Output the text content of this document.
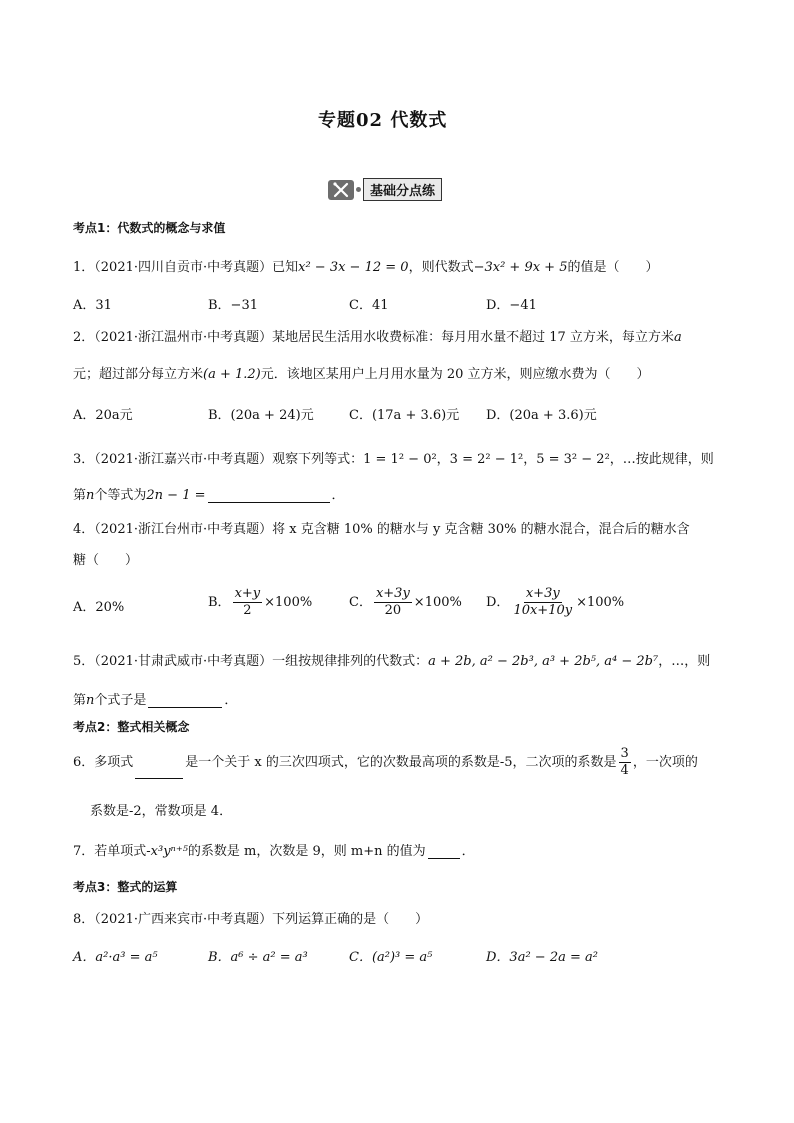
专题02 代数式
基础分点练
考点1：代数式的概念与求值
1．（2021·四川自贡市·中考真题）已知x² − 3x − 12 = 0，则代数式−3x² + 9x + 5的值是（　　）
A．31	B．−31	C．41	D．−41
2．（2021·浙江温州市·中考真题）某地居民生活用水收费标准：每月用水量不超过 17 立方米，每立方米a
元；超过部分每立方米(a + 1.2)元．该地区某用户上月用水量为 20 立方米，则应缴水费为（　　）
A．20a元	B．(20a + 24)元	C．(17a + 3.6)元 D．(20a + 3.6)元
3．（2021·浙江嘉兴市·中考真题）观察下列等式：1 = 1² − 0²，3 = 2² − 1²，5 = 3² − 2²，…按此规律，则
第n个等式为2n − 1 =	．
4．（2021·浙江台州市·中考真题）将 x 克含糖 10% 的糖水与 y 克含糖 30% 的糖水混合，混合后的糖水含
糖（　　）
A．20%	B． $\frac{x+y}{2} \times 100\%$	C． $\frac{x+3y}{20} \times 100\%$ D． $\frac{x+3y}{10x+10y} \times 100\%$
5．（2021·甘肃武威市·中考真题）一组按规律排列的代数式：a + 2b, a² − 2b³, a³ + 2b⁵, a⁴ − 2b⁷，…，则
第n个式子是	．
考点2：整式相关概念
6．多项式	是一个关于 x 的三次四项式，它的次数最高项的系数是-5，二次项的系数是 $\frac{3}{4}$ ，一次项的
系数是-2，常数项是 4．
7．若单项式-x³yⁿ⁺⁵的系数是 m，次数是 9，则 m+n 的值为	．
考点3：整式的运算
8．（2021·广西来宾市·中考真题）下列运算正确的是（　　）
A．a²·a³ = a⁵	B．a⁶ ÷ a² = a³	C．(a²)³ = a⁵	D．3a² − 2a = a²
